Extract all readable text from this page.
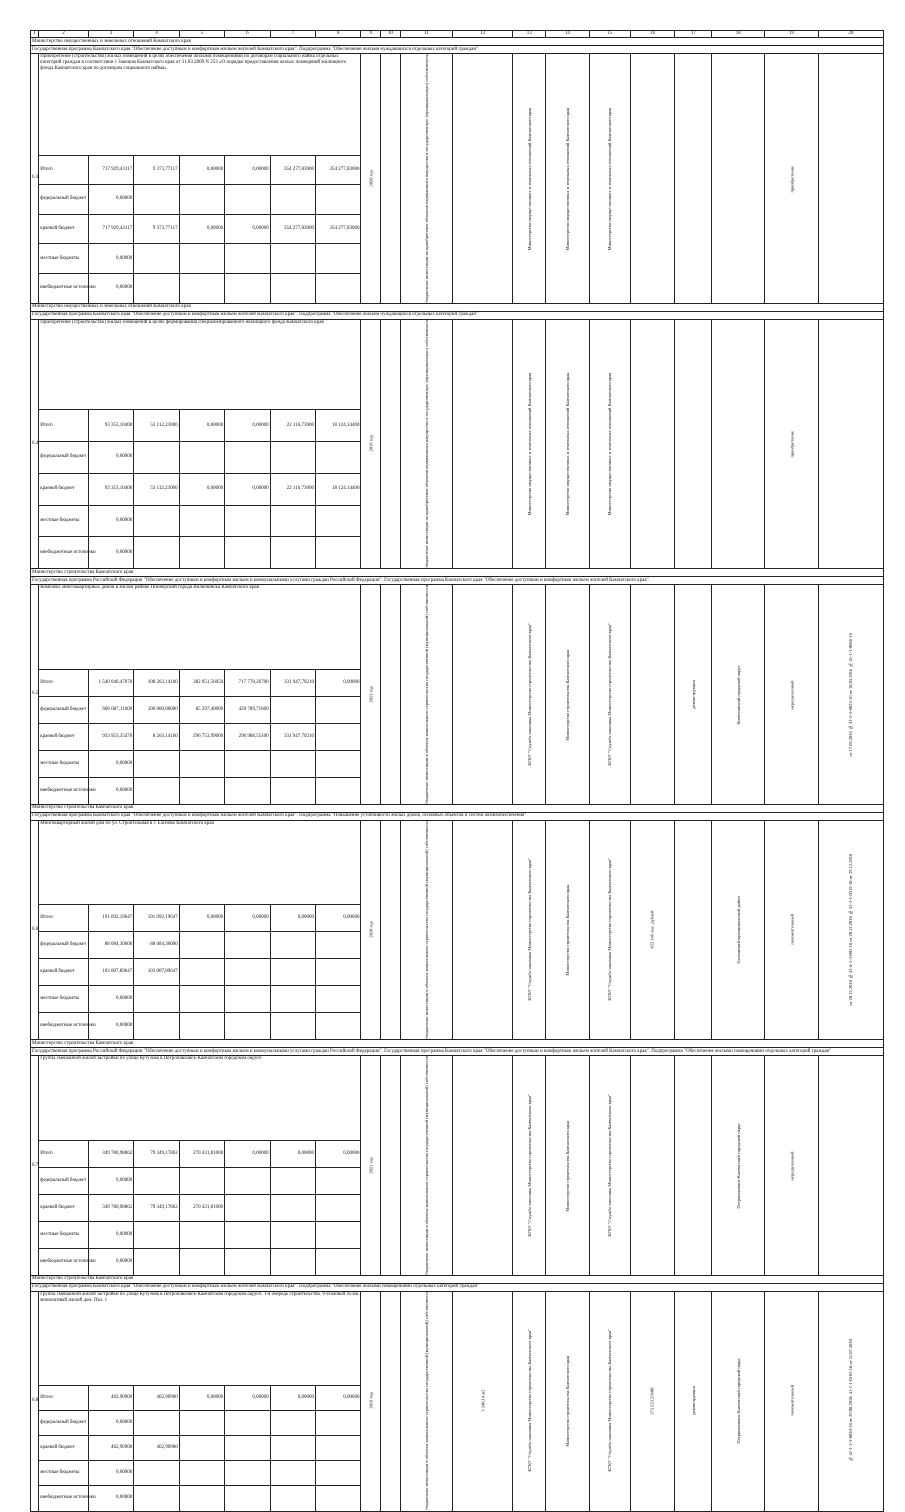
1	2	3	4	5	6	7	8	9	10	11	12	13	14	15	16	17	18	19	20
Министерство имущественных и земельных отношений Камчатского края																			
Государственная программа Камчатского края "Обеспечение доступным и комфортным жильем жителей Камчатского края". Подпрограмма "Обеспечение жильем нуждающихся отдельных категорий граждан"																			
6.3	Приобретение (строительство) жилых помещений в целях обеспечения жилыми помещениями по договорам социального найма отдельных категорий граждан в соответствии с Законом Камчатского края от 31.03.2009 N 253 «О порядке предоставления жилых помещений жилищного фонда Камчатского края по договорам социального найма»							2020 год		бюджетные инвестиции на приобретение объектов недвижимого имущества в государственную (муниципальную) собственность		Министерство имущественных и земельных отношений Камчатского края	Министерство имущественных и земельных отношений Камчатского края	Министерство имущественных и земельных отношений Камчатского края				приобретение	
	Итого	717 929,43117	9 373,77117	0,00000	0,00000	354 277,83000	354 277,83000												
	федеральный бюджет	0,00000																	
	краевой бюджет	717 929,43117	9 373,77117	0,00000	0,00000	354 277,83000	354 277,83000												
	местные бюджеты	0,00000																	
	внебюджетные источники	0,00000																	
Министерство имущественных и земельных отношений Камчатского края																			
Государственная программа Камчатского края "Обеспечение доступным и комфортным жильем жителей Камчатского края". Подпрограмма "Обеспечение жильем нуждающихся отдельных категорий граждан"																			
6.4	Приобретение (строительство) жилых помещений в целях формирования специализированного жилищного фонда Камчатского края							2019 год		бюджетные инвестиции на приобретение объектов недвижимого имущества в государственную (муниципальную) собственность		Министерство имущественных и земельных отношений Камчатского края	Министерство имущественных и земельных отношений Камчатского края	Министерство имущественных и земельных отношений Камчатского края				приобретение	
	Итого	93 353,10400	53 112,23000	0,00000	0,00000	22 116,73000	18 124,14400												
	федеральный бюджет	0,00000																	
	краевой бюджет	93 353,10400	53 112,23000	0,00000	0,00000	22 116,73000	18 124,14400												
	местные бюджеты	0,00000																	
	внебюджетные источники	0,00000																	
Министерство строительства Камчатского края																			
Государственная программа Российской Федерации "Обеспечение доступным и комфортным жильем и коммунальными услугами граждан Российской Федерации". Государственная программа Камчатского края "Обеспечение доступным и комфортным жильем жителей Камчатского края".																			
6.5	Комплекс многоквартирных домов в жилом районе Пионерский города Вилючинска Камчатского края							2023 год		бюджетные инвестиции в объекты капитального строительства государственной (муниципальной) собственности		КГКУ "Служба заказчика Министерства строительства Камчатского края"	Министерство строительства Камчатского края	КГКУ "Служба заказчика Министерства строительства Камчатского края"		реконструкция	Вилючинский городской округ	неразделенный	от 17.05.2016 № 41-5-3-0013-16 от 18.03.2016 № 41-1-1-0066-16
	Итого	1 540 040,47070	108 263,14160	382 051,56050	717 778,26700	331 947,70210	0,00000												
	федеральный бюджет	606 087,11600	100 000,00000	85 297,40000	420 789,71600														
	краевой бюджет	933 953,35470	8 263,14160	296 753,99000	296 988,55100	331 947,70210													
	местные бюджеты	0,00000																	
	внебюджетные источники	0,00000																	
Министерство строительства Камчатского края																			
Государственная программа Камчатского края "Обеспечение доступным и комфортным жильем жителей Камчатского края". Подпрограмма "Повышение устойчивости жилых домов, основных объектов и систем жизнеобеспечения"																			
6.6	Многоквартирный жилой дом по ул. Строительная в г. Елизово Камчатского края							2020 год		бюджетные инвестиции в объекты капитального строительства государственной (муниципальной) собственности		КГКУ "Служба заказчика Министерства строительства Камчатского края"	Министерство строительства Камчатского края	КГКУ "Служба заказчика Министерства строительства Камчатского края"	452 146 тыс. рублей		Елизовский муниципальный район	положительный	от 20.12.2018 № 41-4-1-3-001-18 от 20.12.2018 № 41-1-1-0319-18 от 29.12.2018
	Итого	191 092,19647	191 092,19647	0,00000	0,00000	0,00000	0,00000												
	федеральный бюджет	88 084,30000	88 084,30000																
	краевой бюджет	103 007,89647	103 007,89647																
	местные бюджеты	0,00000																	
	внебюджетные источники	0,00000																	
Министерство строительства Камчатского края																			
Государственная программа Российской Федерации "Обеспечение доступным и комфортным жильем и коммунальными услугами граждан Российской Федерации". Государственная программа Камчатского края "Обеспечение доступным и комфортным жильем жителей Камчатского края". Подпрограмма "Обеспечение жилыми помещениями отдельных категорий граждан"																			
6.7	Группа смешанной жилой застройки по улице Кутузова в Петропавловск-Камчатском городском округе							2021 год		бюджетные инвестиции в объекты капитального строительства государственной (муниципальной) собственности		КГКУ "Служба заказчика Министерства строительства Камчатского края"	Министерство строительства Камчатского края	КГКУ "Служба заказчика Министерства строительства Камчатского края"			Петропавловск-Камчатский городской округ	неразделенный	
	Итого	349 780,98862	79 349,17862	270 431,81000	0,00000	0,00000	0,00000												
	федеральный бюджет	0,00000																	
	краевой бюджет	349 780,98862	79 349,17862	270 431,81000															
	местные бюджеты	0,00000																	
	внебюджетные источники	0,00000																	
Министерство строительства Камчатского края																			
Государственная программа Камчатского края "Обеспечение доступным и комфортным жильем жителей Камчатского края". Подпрограмма "Обеспечение жилыми помещениями отдельных категорий граждан"																			
6.8	Группа смешанной жилой застройки по улице Кутузова в Петропавловск-Камчатском городском округе. 1-я очередь строительства. 9-этажный 45-кв. монолитный жилой дом. Поз. 1							2019 год		бюджетные инвестиции в объекты капитального строительства государственной (муниципальной) собственности	3 340,14 м2	КГКУ "Служба заказчика Министерства строительства Камчатского края"	Министерство строительства Камчатского края	КГКУ "Служба заказчика Министерства строительства Камчатского края"	373 623,33600	реконструкция	Петропавловск-Камчатский городской округ	положительный	№ 41-1-1-3-0010-18 от 29.08.2018; 41-1-1-0101-18 от 31.07.2018
	Итого	462,90900	462,90900	0,00000	0,00000	0,00000	0,00000												
	федеральный бюджет	0,00000																	
	краевой бюджет	462,90900	462,90900																
	местные бюджеты	0,00000																	
	внебюджетные источники	0,00000																	
